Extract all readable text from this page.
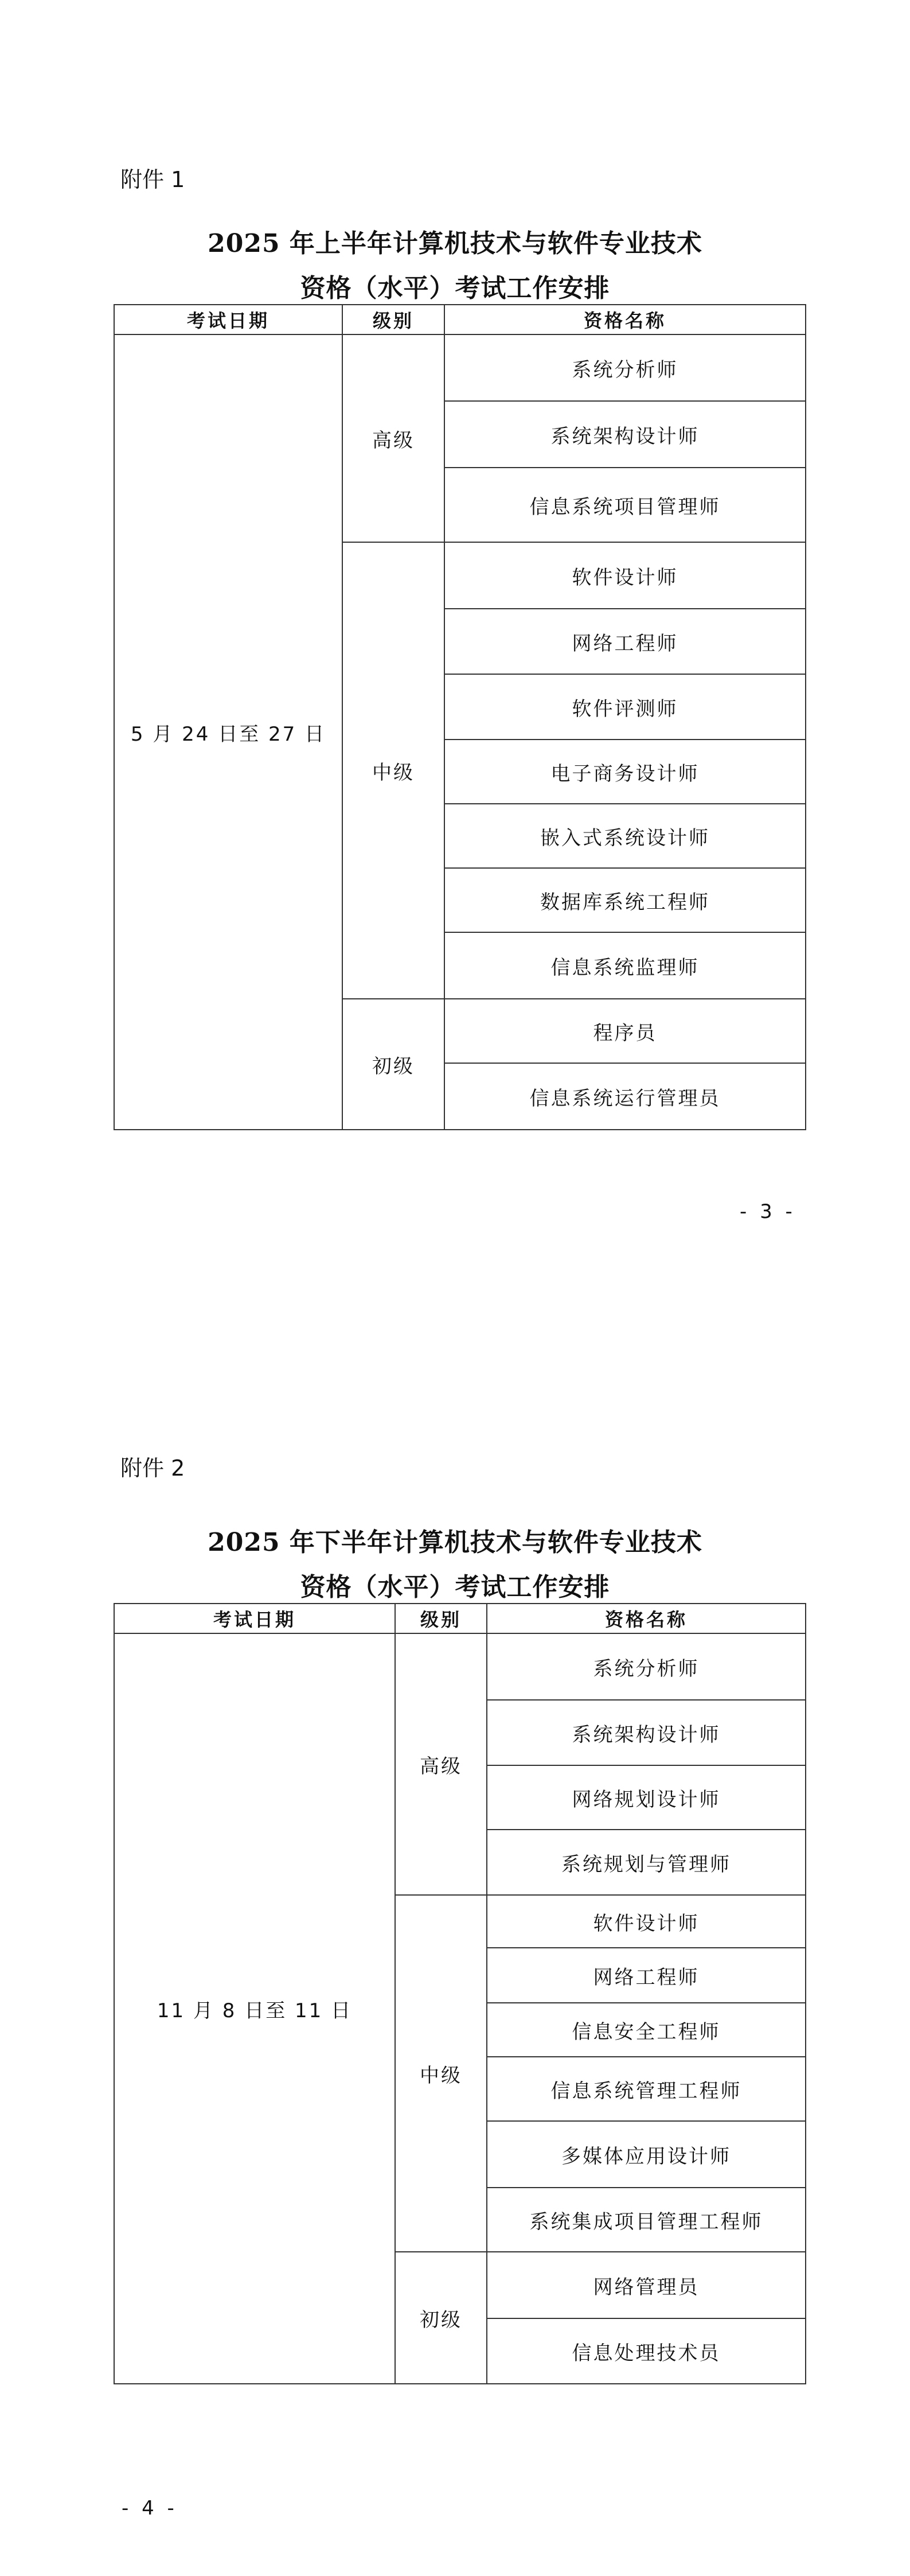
附件 1
2025 年上半年计算机技术与软件专业技术
资格（水平）考试工作安排
考试日期	级别	资格名称
5 月 24 日至 27 日	高级	系统分析师
		系统架构设计师
		信息系统项目管理师
	中级	软件设计师
		网络工程师
		软件评测师
		电子商务设计师
		嵌入式系统设计师
		数据库系统工程师
		信息系统监理师
	初级	程序员
		信息系统运行管理员
- 3 -
附件 2
2025 年下半年计算机技术与软件专业技术
资格（水平）考试工作安排
考试日期	级别	资格名称
11 月 8 日至 11 日	高级	系统分析师
		系统架构设计师
		网络规划设计师
		系统规划与管理师
	中级	软件设计师
		网络工程师
		信息安全工程师
		信息系统管理工程师
		多媒体应用设计师
		系统集成项目管理工程师
	初级	网络管理员
		信息处理技术员
- 4 -
